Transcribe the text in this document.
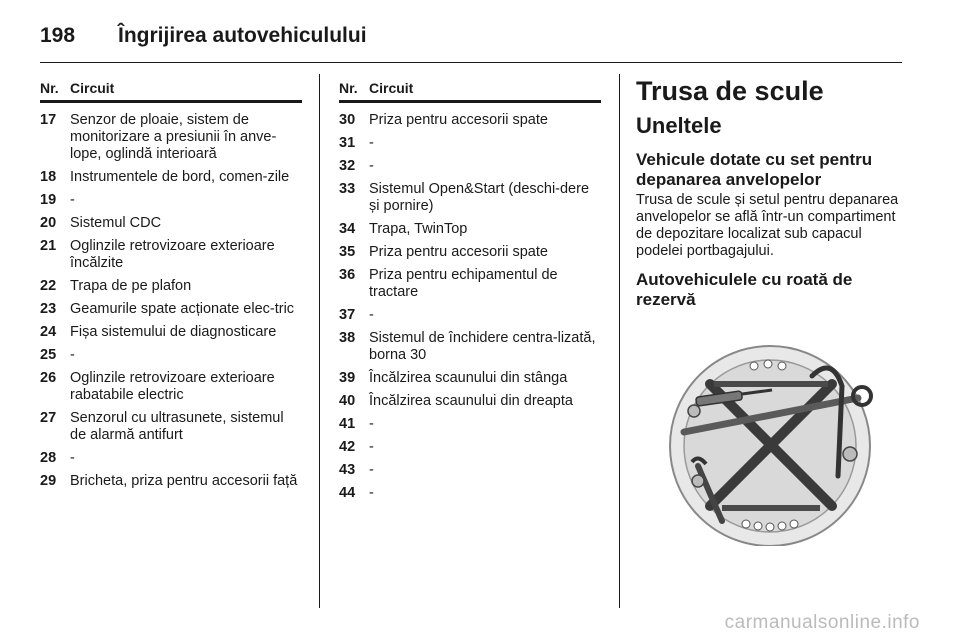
198	Îngrijirea autovehiculului
Nr. Circuit
17 Senzor de ploaie, sistem de monitorizare a presiunii în anve-lope, oglindă interioară
18 Instrumentele de bord, comen-zile
19 -
20 Sistemul CDC
21 Oglinzile retrovizoare exterioare încălzite
22 Trapa de pe plafon
23 Geamurile spate acționate elec-tric
24 Fișa sistemului de diagnosticare
25 -
26 Oglinzile retrovizoare exterioare rabatabile electric
27 Senzorul cu ultrasunete, sistemul de alarmă antifurt
28 -
29 Bricheta, priza pentru accesorii față
Nr. Circuit
30 Priza pentru accesorii spate
31 -
32 -
33 Sistemul Open&Start (deschi-dere și pornire)
34 Trapa, TwinTop
35 Priza pentru accesorii spate
36 Priza pentru echipamentul de tractare
37 -
38 Sistemul de închidere centra-lizată, borna 30
39 Încălzirea scaunului din stânga
40 Încălzirea scaunului din dreapta
41 -
42 -
43 -
44 -
Trusa de scule
Uneltele
Vehicule dotate cu set pentru depanarea anvelopelor

Trusa de scule și setul pentru depanarea anvelopelor se află într-un compartiment de depozitare localizat sub capacul podelei portbagajului.

Autovehiculele cu roată de rezervă
carmanualsonline.info
